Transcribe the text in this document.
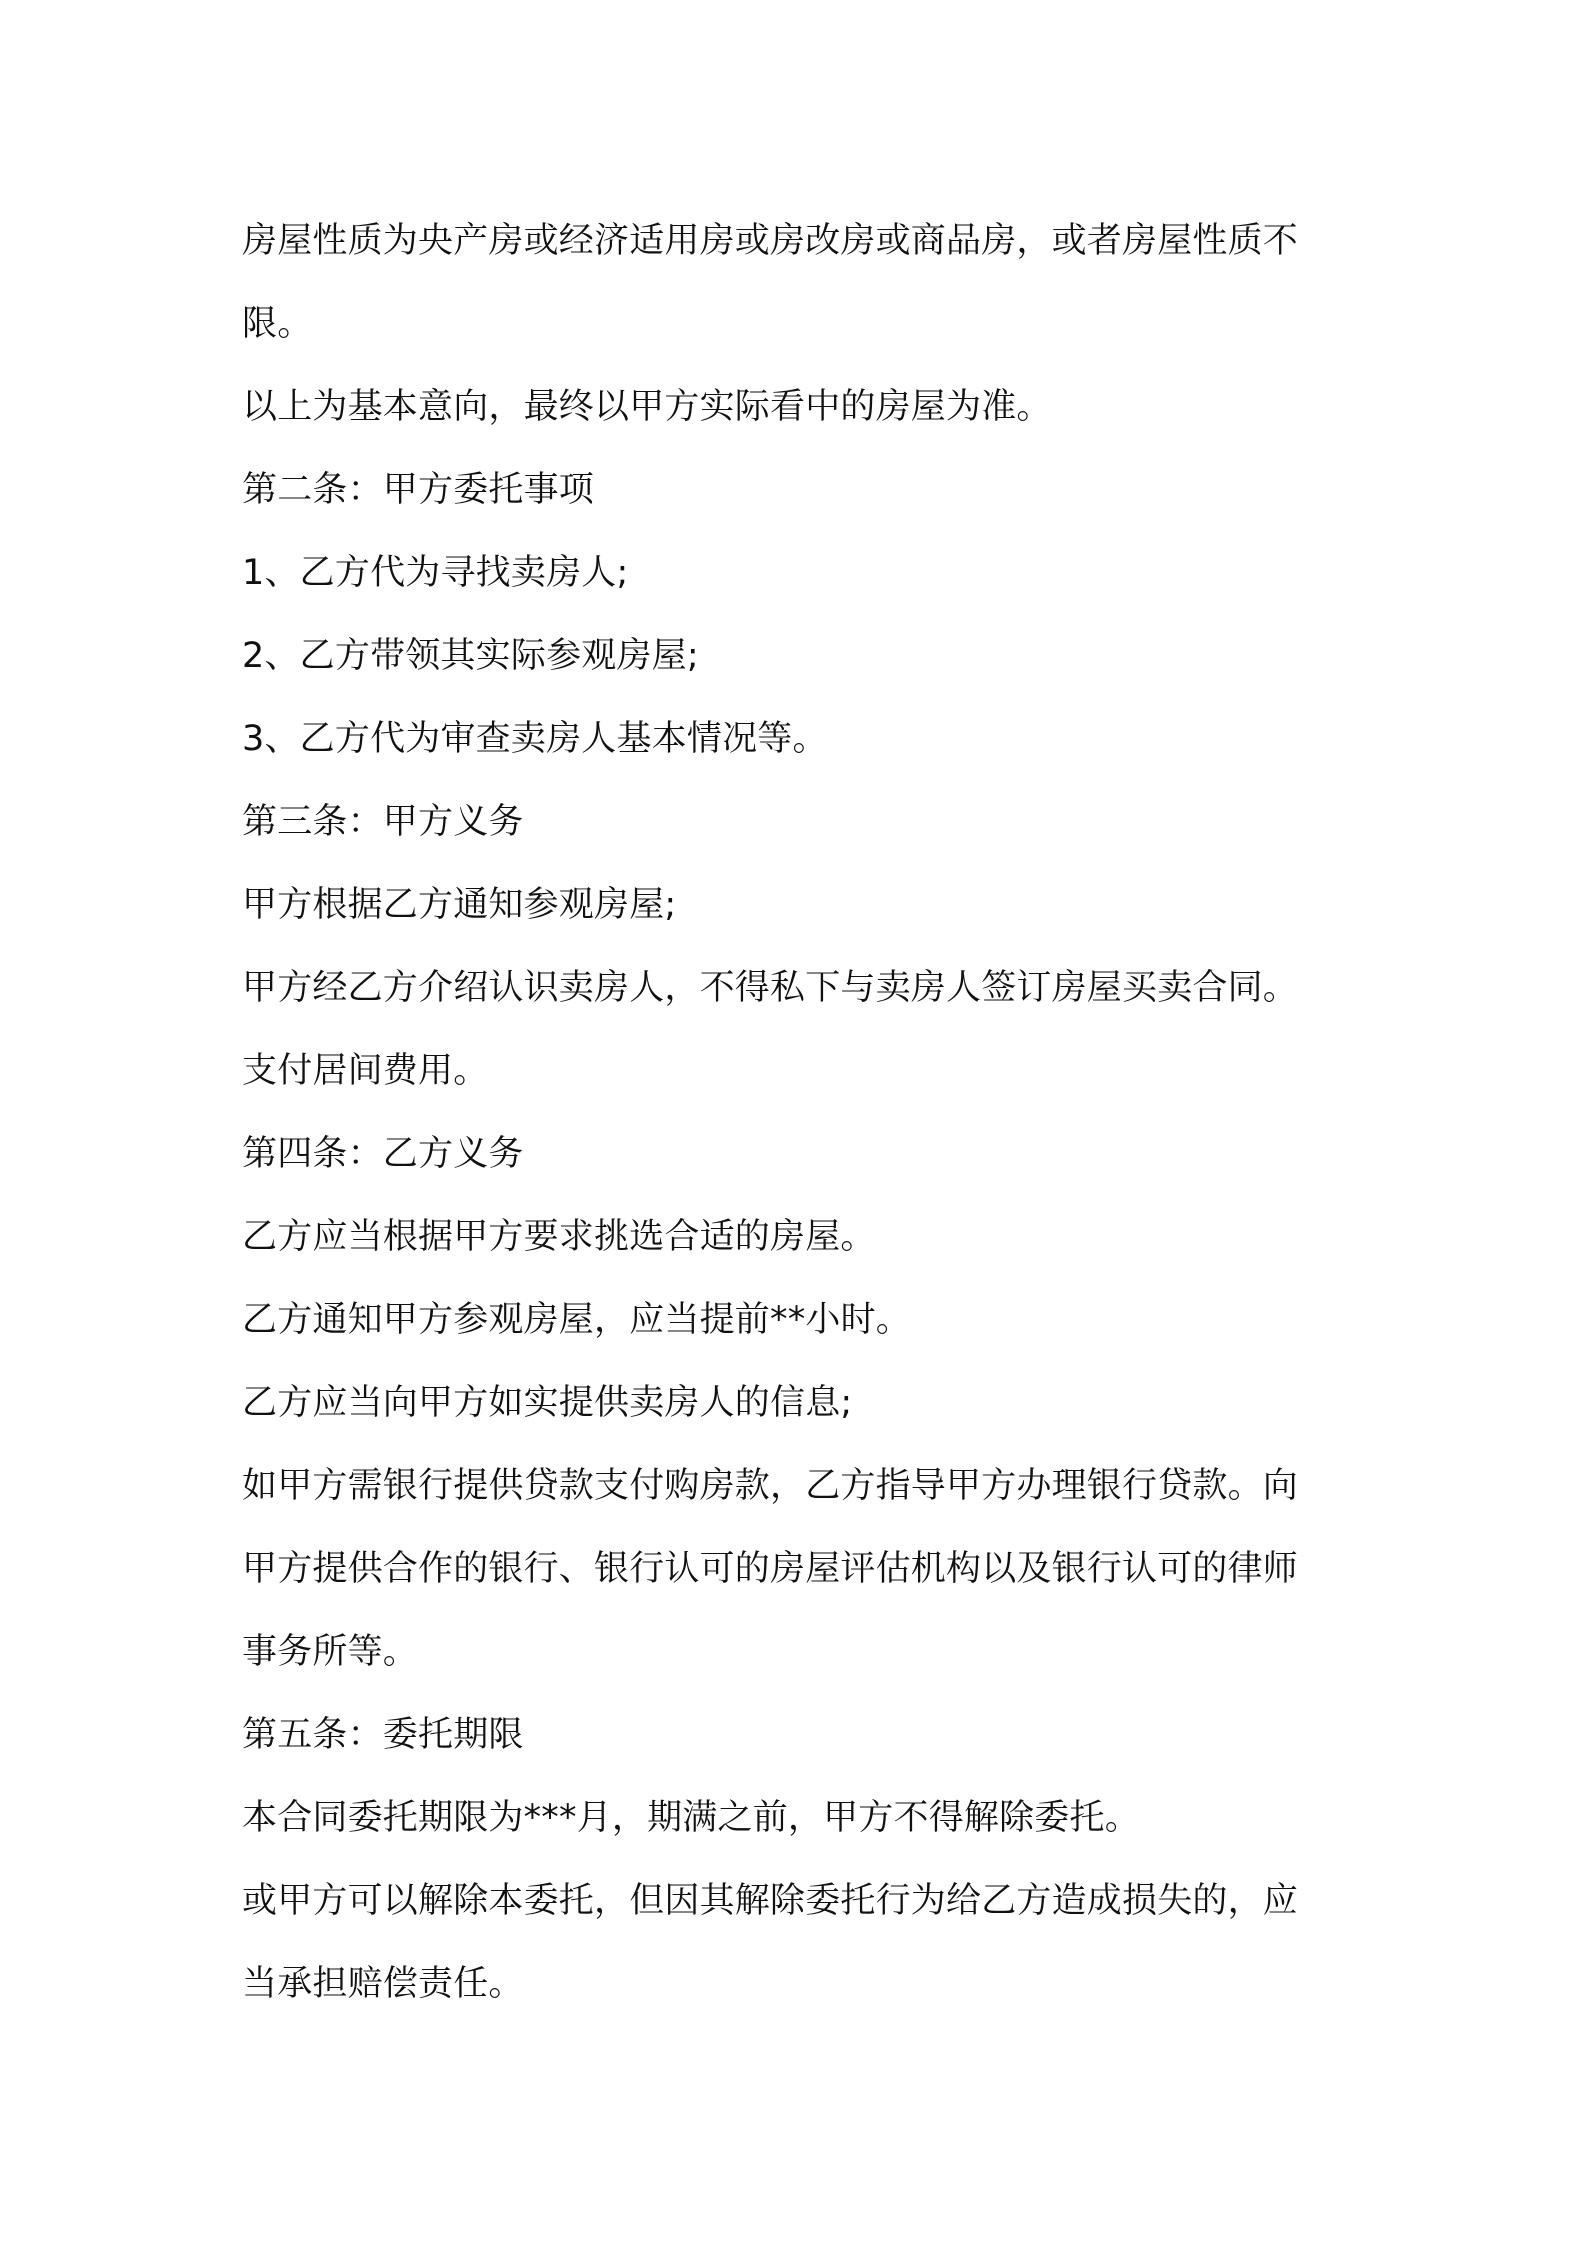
房屋性质为央产房或经济适用房或房改房或商品房，或者房屋性质不
限。
以上为基本意向，最终以甲方实际看中的房屋为准。
第二条：甲方委托事项
1、乙方代为寻找卖房人;
2、乙方带领其实际参观房屋;
3、乙方代为审查卖房人基本情况等。
第三条：甲方义务
甲方根据乙方通知参观房屋;
甲方经乙方介绍认识卖房人，不得私下与卖房人签订房屋买卖合同。
支付居间费用。
第四条：乙方义务
乙方应当根据甲方要求挑选合适的房屋。
乙方通知甲方参观房屋，应当提前**小时。
乙方应当向甲方如实提供卖房人的信息;
如甲方需银行提供贷款支付购房款，乙方指导甲方办理银行贷款。向
甲方提供合作的银行、银行认可的房屋评估机构以及银行认可的律师
事务所等。
第五条：委托期限
本合同委托期限为***月，期满之前，甲方不得解除委托。
或甲方可以解除本委托，但因其解除委托行为给乙方造成损失的，应
当承担赔偿责任。
